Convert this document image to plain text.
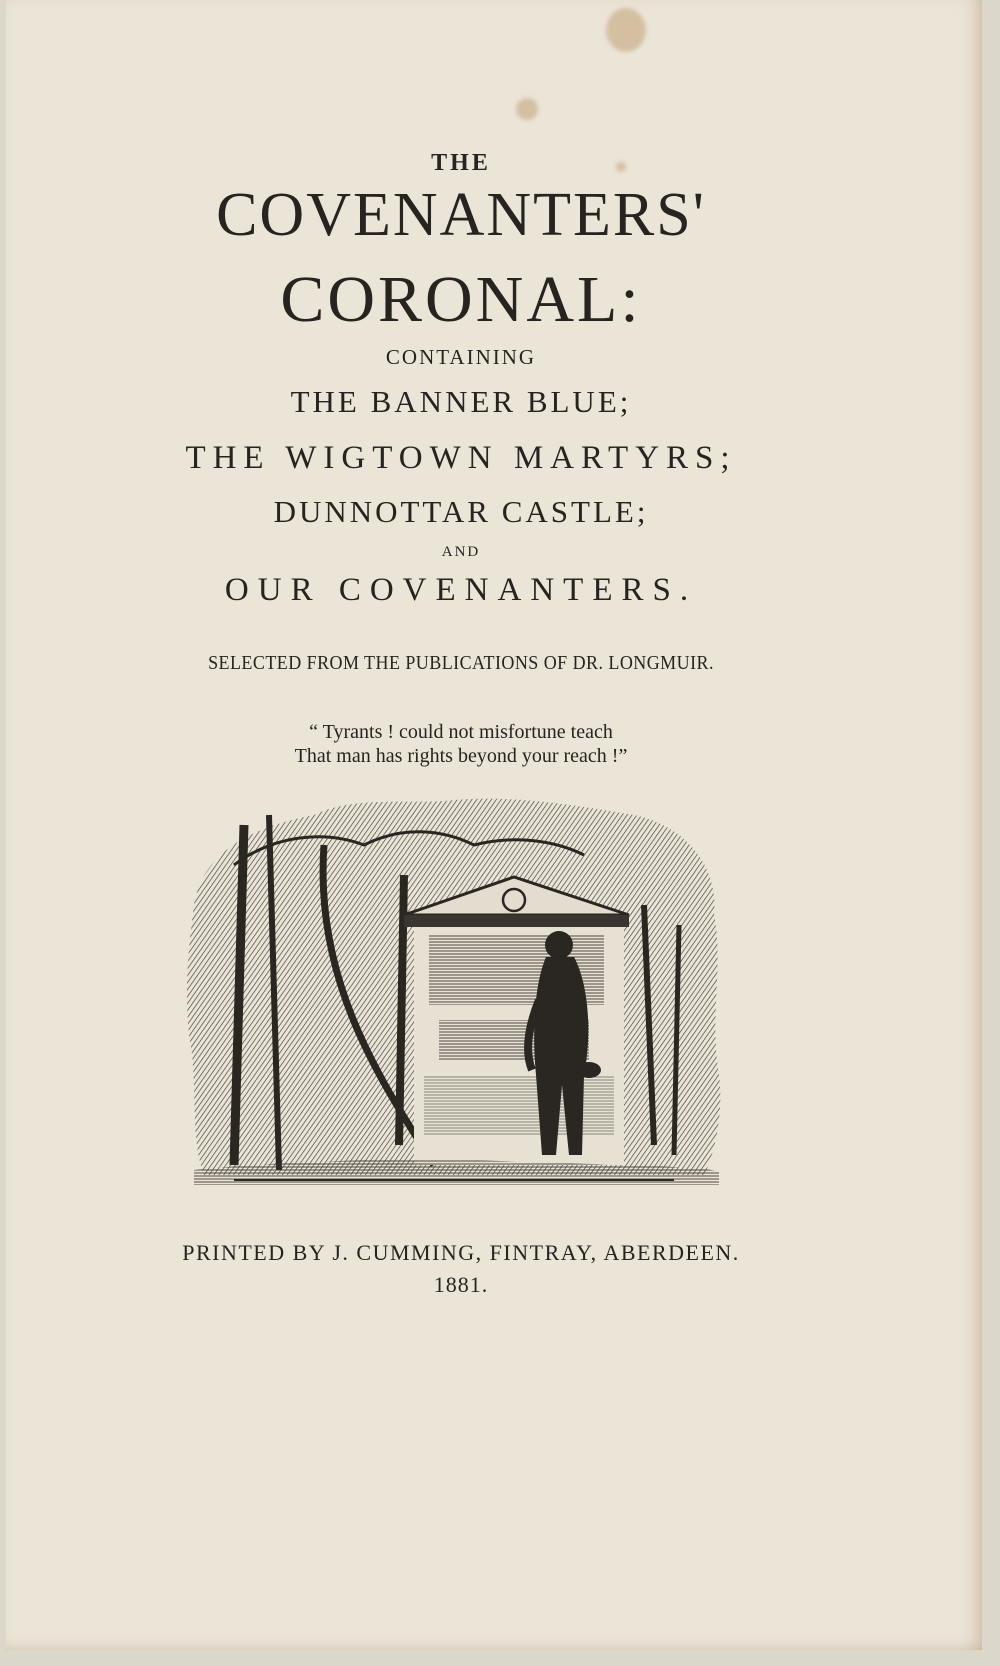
THE
COVENANTERS'
CORONAL:
CONTAINING
THE BANNER BLUE;
THE WIGTOWN MARTYRS;
DUNNOTTAR CASTLE;
AND
OUR COVENANTERS.
SELECTED FROM THE PUBLICATIONS OF DR. LONGMUIR.
“ Tyrants ! could not misfortune teach
That man has rights beyond your reach !”
PRINTED BY J. CUMMING, FINTRAY, ABERDEEN.
1881.
